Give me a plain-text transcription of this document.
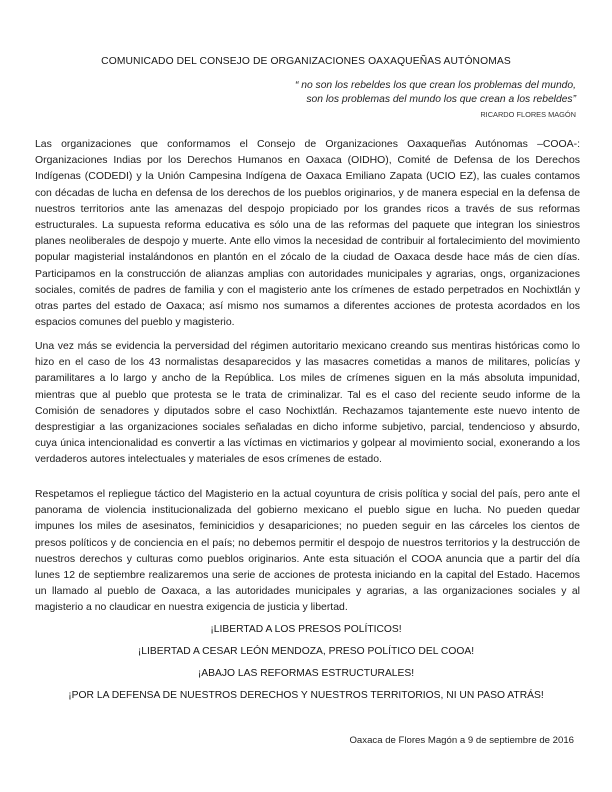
COMUNICADO DEL CONSEJO DE ORGANIZACIONES OAXAQUEÑAS AUTÓNOMAS
“ no son los rebeldes los que crean los problemas del mundo,
son los problemas del mundo los que crean a los rebeldes”
RICARDO FLORES MAGÓN

Las organizaciones que conformamos el Consejo de Organizaciones Oaxaqueñas Autónomas –COOA-: Organizaciones Indias por los Derechos Humanos en Oaxaca (OIDHO), Comité de Defensa de los Derechos Indígenas (CODEDI) y la Unión Campesina Indígena de Oaxaca Emiliano Zapata (UCIO EZ), las cuales contamos con décadas de lucha en defensa de los derechos de los pueblos originarios, y de manera especial en la defensa de nuestros territorios ante las amenazas del despojo propiciado por los grandes ricos a través de sus reformas estructurales. La supuesta reforma educativa es sólo una de las reformas del paquete que integran los siniestros planes neoliberales de despojo y muerte. Ante ello vimos la necesidad de contribuir al fortalecimiento del movimiento popular magisterial instalándonos en plantón en el zócalo de la ciudad de Oaxaca desde hace más de cien días. Participamos en la construcción de alianzas amplias con autoridades municipales y agrarias, ongs, organizaciones sociales, comités de padres de familia y con el magisterio ante los crímenes de estado perpetrados en Nochixtlán y otras partes del estado de Oaxaca; así mismo nos sumamos a diferentes acciones de protesta acordados en los espacios comunes del pueblo y magisterio.

Una vez más se evidencia la perversidad del régimen autoritario mexicano creando sus mentiras históricas como lo hizo en el caso de los 43 normalistas desaparecidos y las masacres cometidas a manos de militares, policías y paramilitares a lo largo y ancho de la República. Los miles de crímenes siguen en la más absoluta impunidad, mientras que al pueblo que protesta se le trata de criminalizar. Tal es el caso del reciente seudo informe de la Comisión de senadores y diputados sobre el caso Nochixtlán. Rechazamos tajantemente este nuevo intento de desprestigiar a las organizaciones sociales señaladas en dicho informe subjetivo, parcial, tendencioso y absurdo, cuya única intencionalidad es convertir a las víctimas en victimarios y golpear al movimiento social, exonerando a los verdaderos autores intelectuales y materiales de esos crímenes de estado.

Respetamos el repliegue táctico del Magisterio en la actual coyuntura de crisis política y social del país, pero ante el panorama de violencia institucionalizada del gobierno mexicano el pueblo sigue en lucha. No pueden quedar impunes los miles de asesinatos, feminicidios y desapariciones; no pueden seguir en las cárceles los cientos de presos políticos y de conciencia en el país; no debemos permitir el despojo de nuestros territorios y la destrucción de nuestros derechos y culturas como pueblos originarios. Ante esta situación el COOA anuncia que a partir del día lunes 12 de septiembre realizaremos una serie de acciones de protesta iniciando en la capital del Estado. Hacemos un llamado al pueblo de Oaxaca, a las autoridades municipales y agrarias, a las organizaciones sociales y al magisterio a no claudicar en nuestra exigencia de justicia y libertad.

¡LIBERTAD A LOS PRESOS POLÍTICOS!
¡LIBERTAD A CESAR LEÓN MENDOZA, PRESO POLÍTICO DEL COOA!
¡ABAJO LAS REFORMAS ESTRUCTURALES!
¡POR LA DEFENSA DE NUESTROS DERECHOS Y NUESTROS TERRITORIOS, NI UN PASO ATRÁS!
Oaxaca de Flores Magón a 9 de septiembre de 2016
